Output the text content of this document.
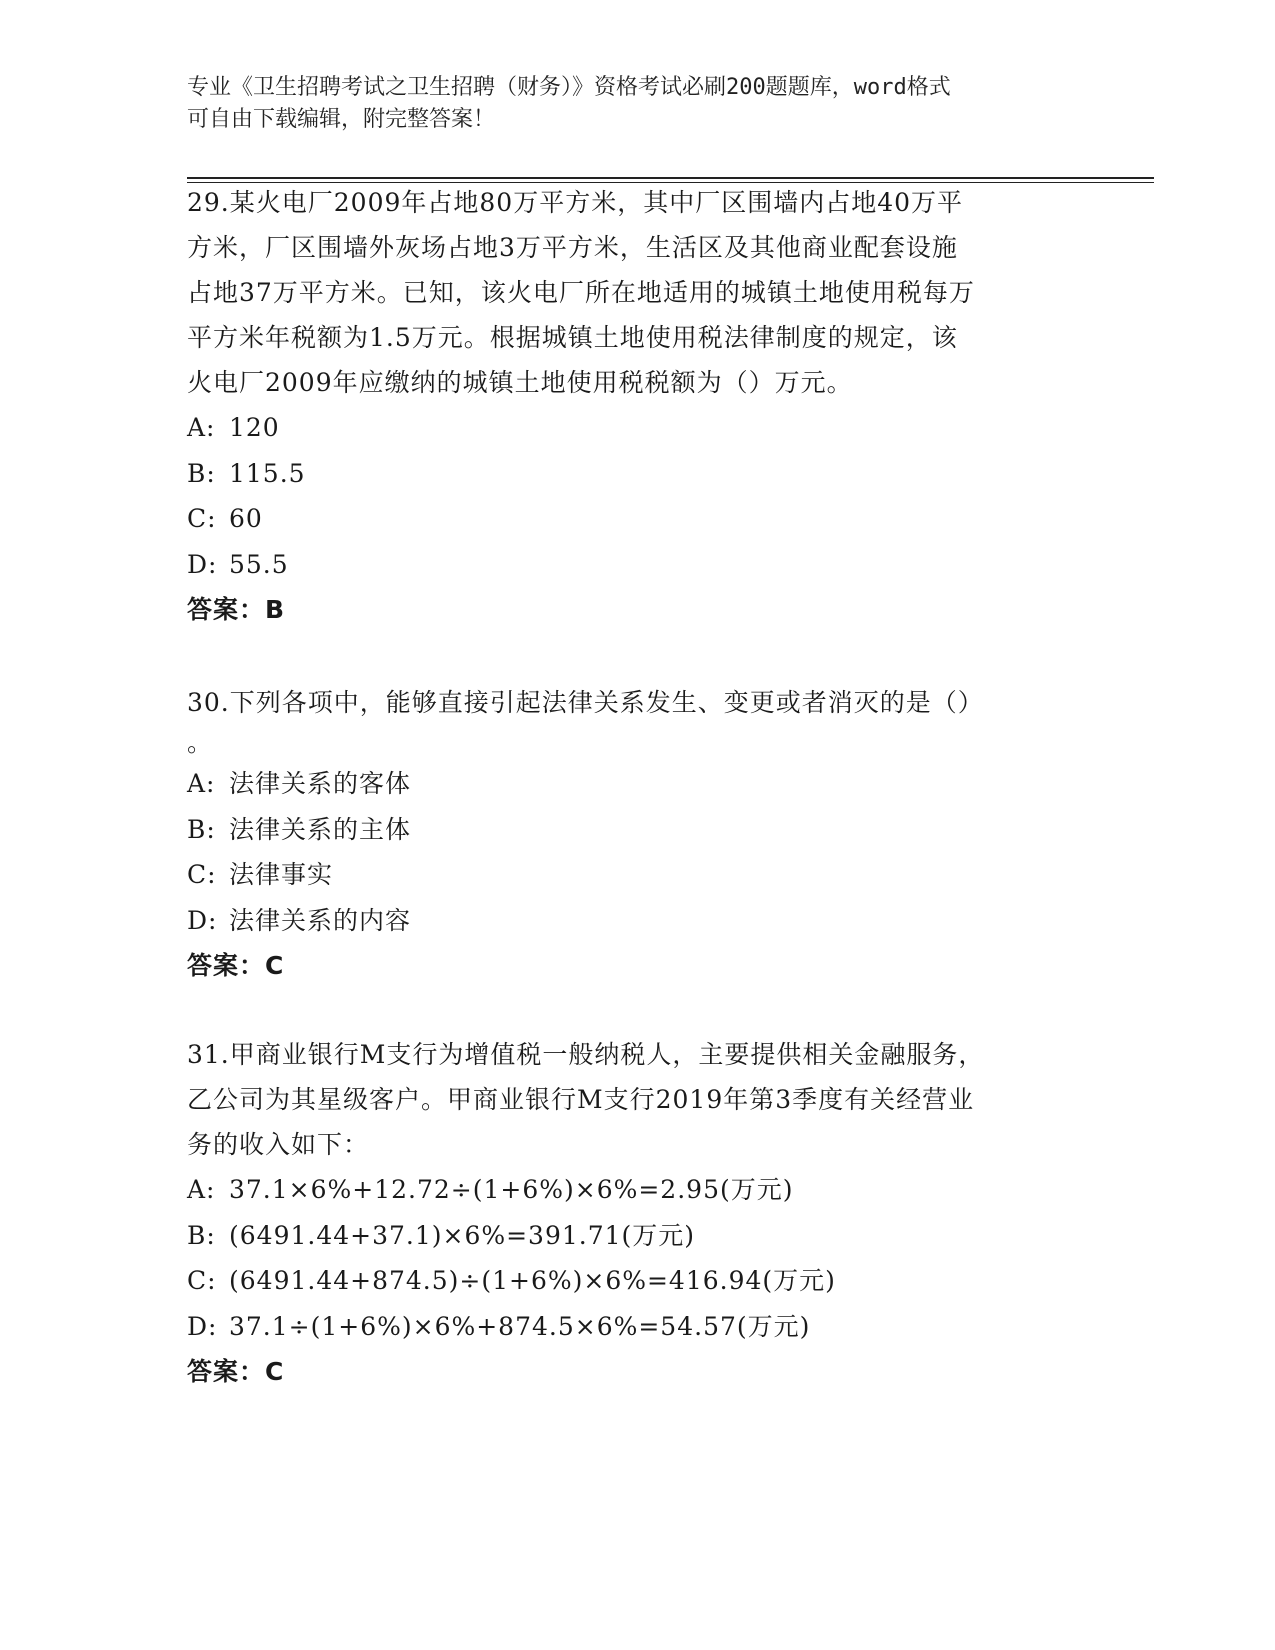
专业《卫生招聘考试之卫生招聘（财务）》资格考试必刷200题题库，word格式
可自由下载编辑，附完整答案！
29.某火电厂2009年占地80万平方米，其中厂区围墙内占地40万平
方米，厂区围墙外灰场占地3万平方米，生活区及其他商业配套设施
占地37万平方米。已知，该火电厂所在地适用的城镇土地使用税每万
平方米年税额为1.5万元。根据城镇土地使用税法律制度的规定，该
火电厂2009年应缴纳的城镇土地使用税税额为（）万元。
A: 120
B: 115.5
C: 60
D: 55.5
答案：B
30.下列各项中，能够直接引起法律关系发生、变更或者消灭的是（）
。
A: 法律关系的客体
B: 法律关系的主体
C: 法律事实
D: 法律关系的内容
答案：C
31.甲商业银行M支行为增值税一般纳税人，主要提供相关金融服务，
乙公司为其星级客户。甲商业银行M支行2019年第3季度有关经营业
务的收入如下：
A: 37.1×6%+12.72÷(1+6%)×6%=2.95(万元)
B: (6491.44+37.1)×6%=391.71(万元)
C: (6491.44+874.5)÷(1+6%)×6%=416.94(万元)
D: 37.1÷(1+6%)×6%+874.5×6%=54.57(万元)
答案：C
